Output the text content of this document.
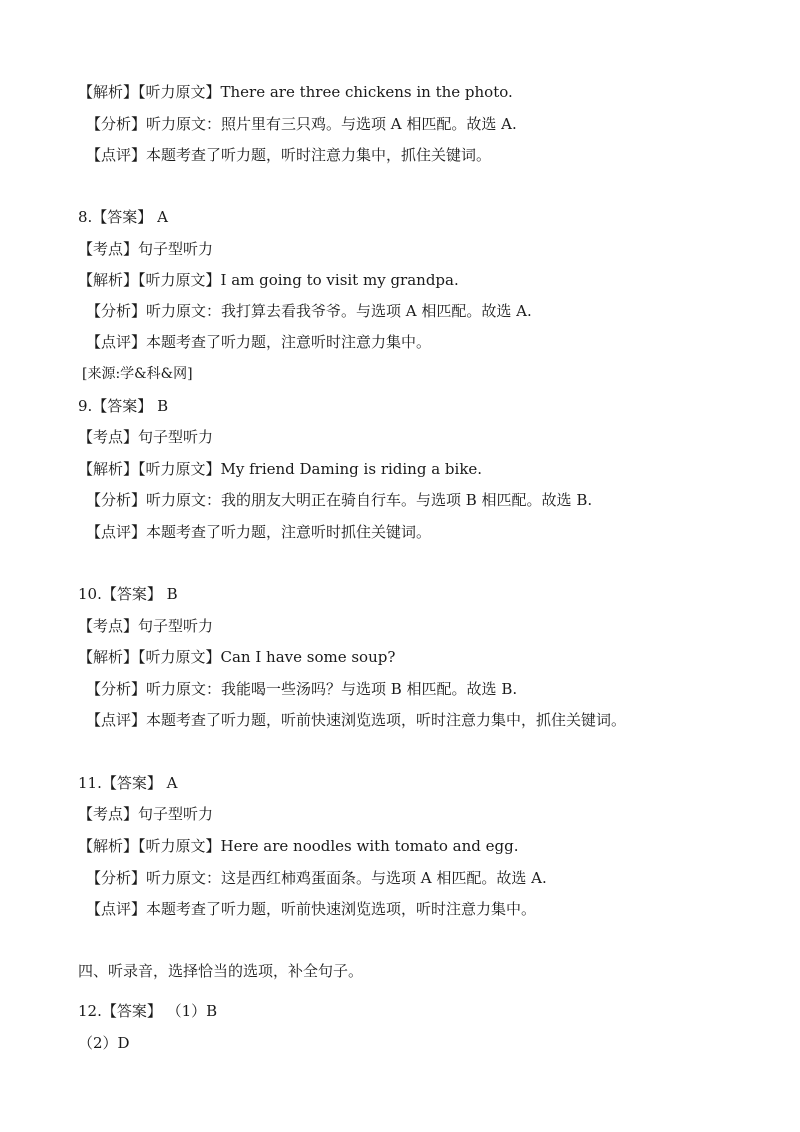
【解析】【听力原文】There are three chickens in the photo.
【分析】听力原文：照片里有三只鸡。与选项 A 相匹配。故选 A.
【点评】本题考查了听力题，听时注意力集中，抓住关键词。
8.【答案】 A
【考点】句子型听力
【解析】【听力原文】I am going to visit my grandpa.
【分析】听力原文：我打算去看我爷爷。与选项 A 相匹配。故选 A.
【点评】本题考查了听力题，注意听时注意力集中。
[来源:学&科&网]
9.【答案】 B
【考点】句子型听力
【解析】【听力原文】My friend Daming is riding a bike.
【分析】听力原文：我的朋友大明正在骑自行车。与选项 B 相匹配。故选 B.
【点评】本题考查了听力题，注意听时抓住关键词。
10.【答案】 B
【考点】句子型听力
【解析】【听力原文】Can I have some soup?
【分析】听力原文：我能喝一些汤吗？与选项 B 相匹配。故选 B.
【点评】本题考查了听力题，听前快速浏览选项，听时注意力集中，抓住关键词。
11.【答案】 A
【考点】句子型听力
【解析】【听力原文】Here are noodles with tomato and egg.
【分析】听力原文：这是西红柿鸡蛋面条。与选项 A 相匹配。故选 A.
【点评】本题考查了听力题，听前快速浏览选项，听时注意力集中。
四、听录音，选择恰当的选项，补全句子。
12.【答案】 （1）B
（2）D
